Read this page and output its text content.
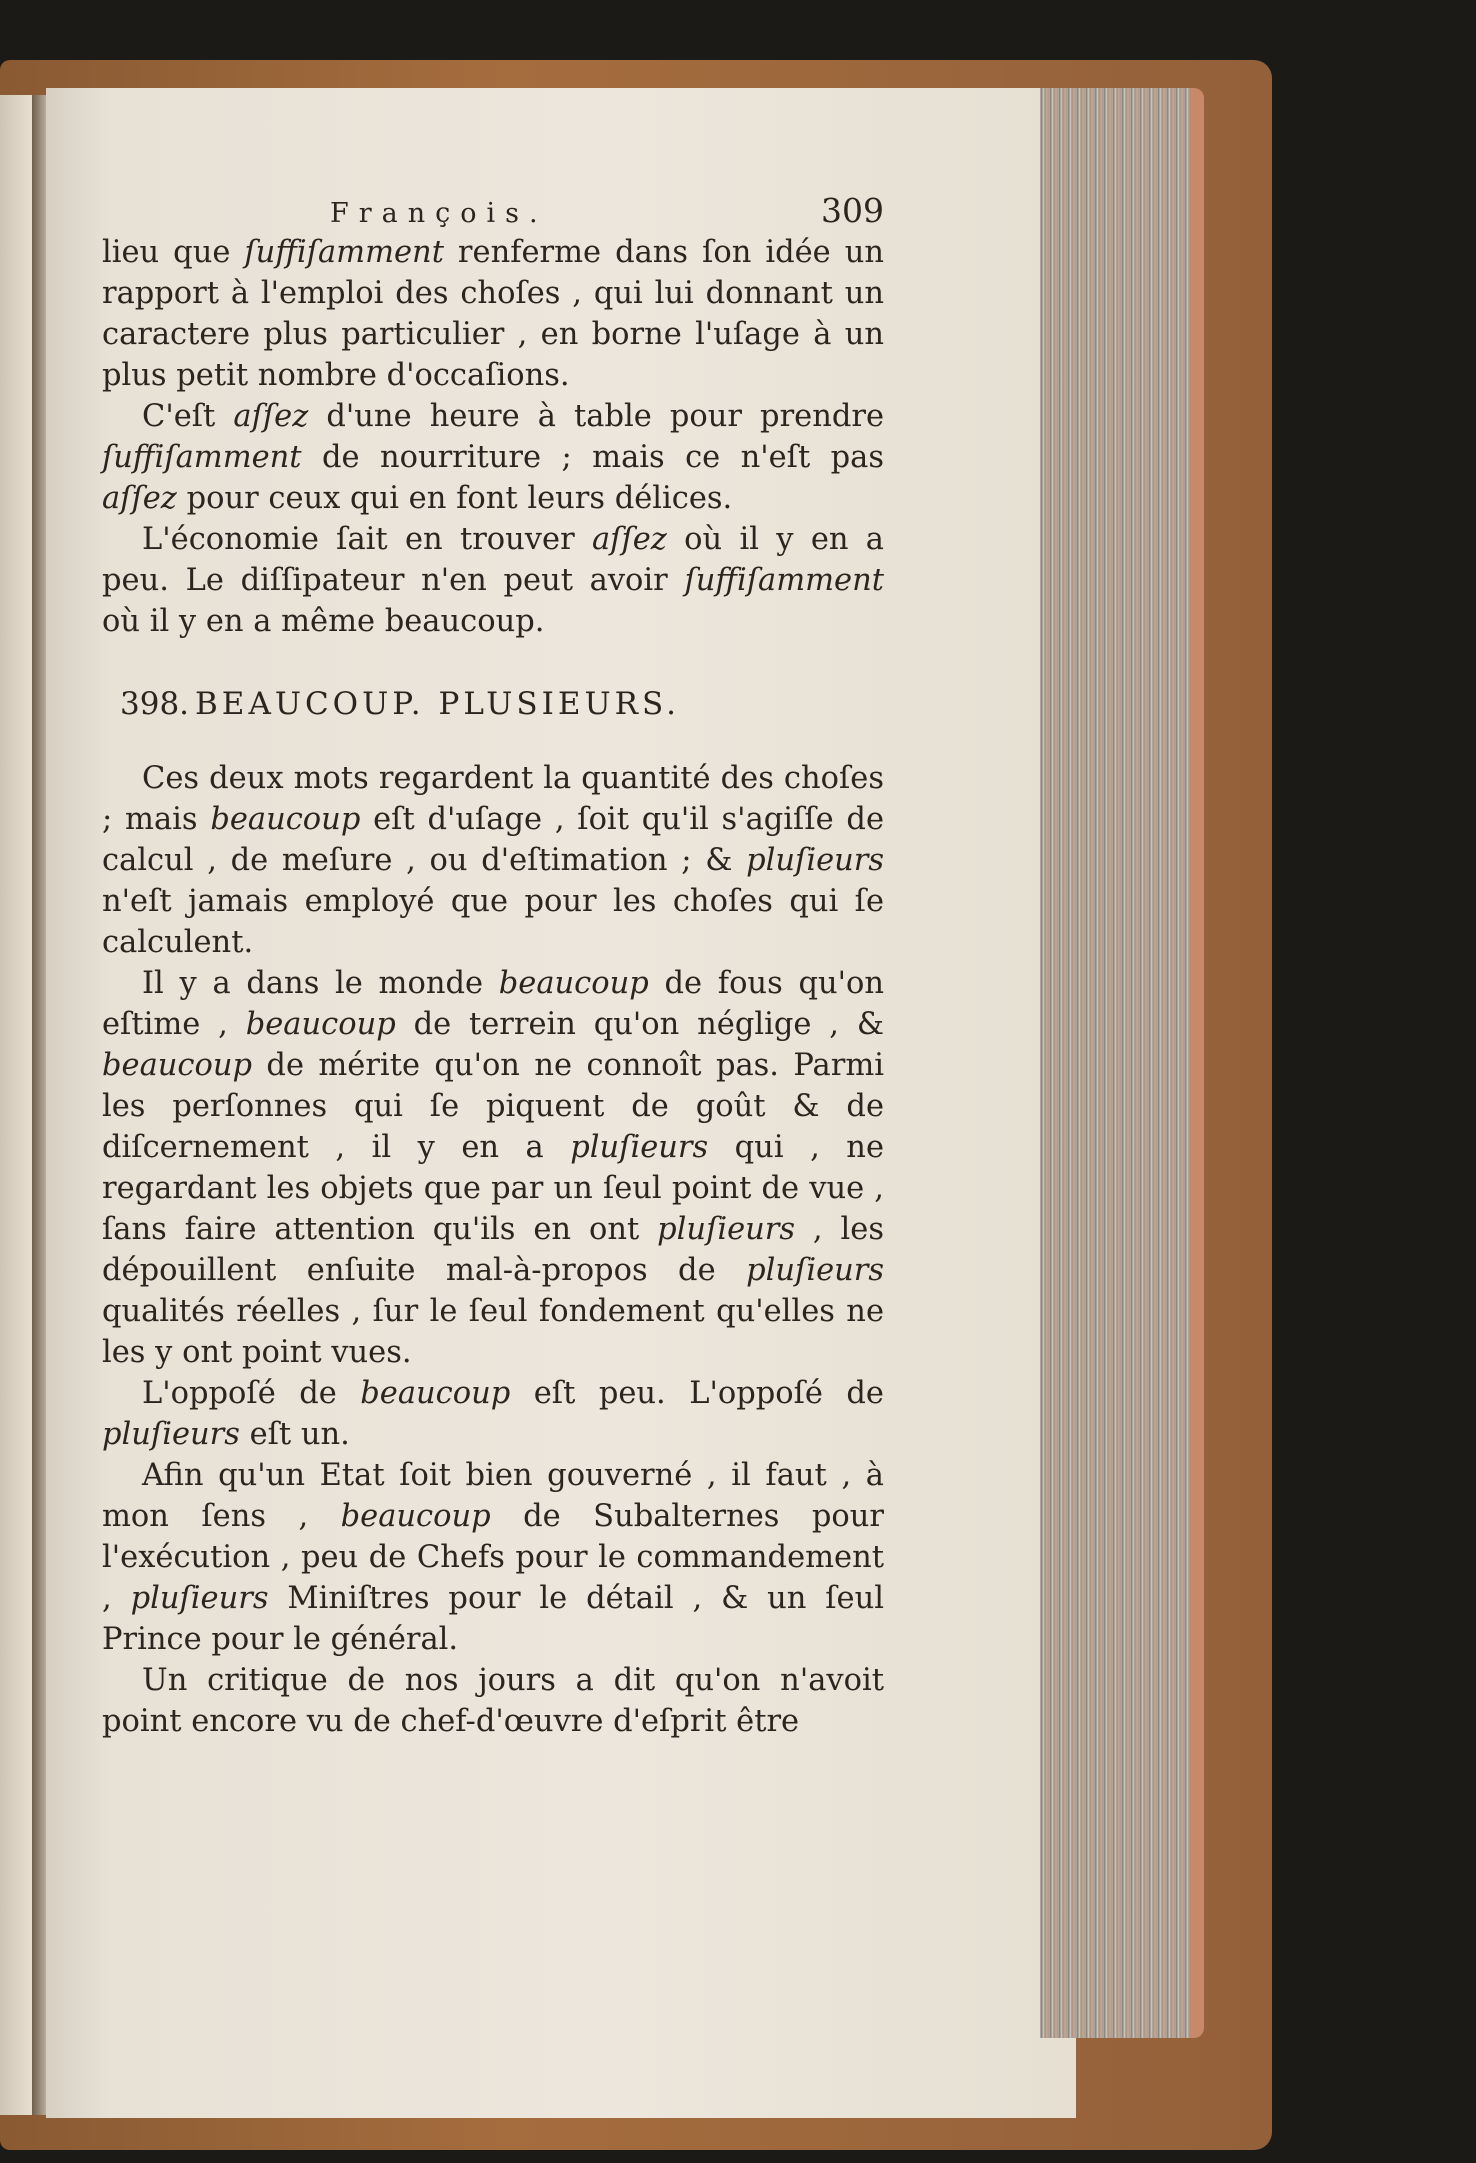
François.	309

lieu que ſuffiſamment renferme dans ſon idée un rapport à l'emploi des choſes , qui lui donnant un caractere plus particulier , en borne l'uſage à un plus petit nombre d'occaſions.

C'eſt aſſez d'une heure à table pour prendre ſuffiſamment de nourriture ; mais ce n'eſt pas aſſez pour ceux qui en font leurs délices.

L'économie ſait en trouver aſſez où il y en a peu. Le diſſipateur n'en peut avoir ſuffiſamment où il y en a même beaucoup.

398. BEAUCOUP. PLUSIEURS.

Ces deux mots regardent la quantité des choſes ; mais beaucoup eſt d'uſage , ſoit qu'il s'agiſſe de calcul , de meſure , ou d'eſtimation ; & pluſieurs n'eſt jamais employé que pour les choſes qui ſe calculent.

Il y a dans le monde beaucoup de fous qu'on eſtime , beaucoup de terrein qu'on néglige , & beaucoup de mérite qu'on ne connoît pas. Parmi les perſonnes qui ſe piquent de goût & de diſcernement , il y en a pluſieurs qui , ne regardant les objets que par un ſeul point de vue , ſans faire attention qu'ils en ont pluſieurs , les dépouillent enſuite mal-à-propos de pluſieurs qualités réelles , ſur le ſeul fondement qu'elles ne les y ont point vues.

L'oppoſé de beaucoup eſt peu. L'oppoſé de pluſieurs eſt un.

Afin qu'un Etat ſoit bien gouverné , il faut , à mon ſens , beaucoup de Subalternes pour l'exécution , peu de Chefs pour le commandement , pluſieurs Miniſtres pour le détail , & un ſeul Prince pour le général.

Un critique de nos jours a dit qu'on n'avoit point encore vu de chef-d'œuvre d'eſprit être
